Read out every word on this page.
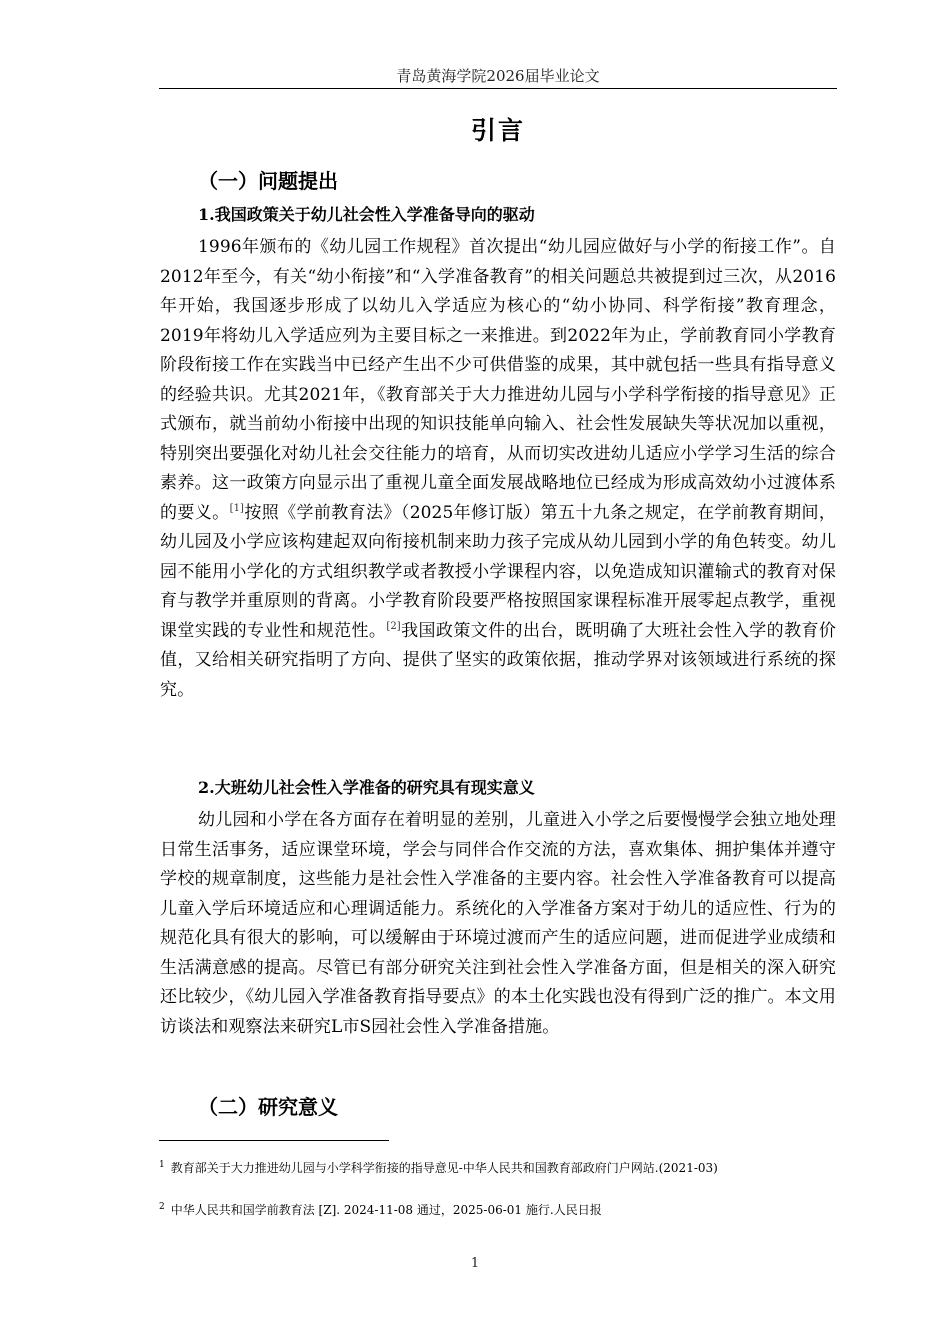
青岛黄海学院2026届毕业论文
引言
（一）问题提出
1.我国政策关于幼儿社会性入学准备导向的驱动
1996年颁布的《幼儿园工作规程》首次提出“幼儿园应做好与小学的衔接工作”。自2012年至今，有关“幼小衔接”和“入学准备教育”的相关问题总共被提到过三次，从2016年开始，我国逐步形成了以幼儿入学适应为核心的“幼小协同、科学衔接”教育理念，2019年将幼儿入学适应列为主要目标之一来推进。到2022年为止，学前教育同小学教育阶段衔接工作在实践当中已经产生出不少可供借鉴的成果，其中就包括一些具有指导意义的经验共识。尤其2021年，《教育部关于大力推进幼儿园与小学科学衔接的指导意见》正式颁布，就当前幼小衔接中出现的知识技能单向输入、社会性发展缺失等状况加以重视，特别突出要强化对幼儿社会交往能力的培育，从而切实改进幼儿适应小学学习生活的综合素养。这一政策方向显示出了重视儿童全面发展战略地位已经成为形成高效幼小过渡体系的要义。[1]按照《学前教育法》（2025年修订版）第五十九条之规定，在学前教育期间，幼儿园及小学应该构建起双向衔接机制来助力孩子完成从幼儿园到小学的角色转变。幼儿园不能用小学化的方式组织教学或者教授小学课程内容，以免造成知识灌输式的教育对保育与教学并重原则的背离。小学教育阶段要严格按照国家课程标准开展零起点教学，重视课堂实践的专业性和规范性。[2]我国政策文件的出台，既明确了大班社会性入学的教育价值，又给相关研究指明了方向、提供了坚实的政策依据，推动学界对该领域进行系统的探究。
2.大班幼儿社会性入学准备的研究具有现实意义
幼儿园和小学在各方面存在着明显的差别，儿童进入小学之后要慢慢学会独立地处理日常生活事务，适应课堂环境，学会与同伴合作交流的方法，喜欢集体、拥护集体并遵守学校的规章制度，这些能力是社会性入学准备的主要内容。社会性入学准备教育可以提高儿童入学后环境适应和心理调适能力。系统化的入学准备方案对于幼儿的适应性、行为的规范化具有很大的影响，可以缓解由于环境过渡而产生的适应问题，进而促进学业成绩和生活满意感的提高。尽管已有部分研究关注到社会性入学准备方面，但是相关的深入研究还比较少，《幼儿园入学准备教育指导要点》的本土化实践也没有得到广泛的推广。本文用访谈法和观察法来研究L市S园社会性入学准备措施。
（二）研究意义
$^1$ 教育部关于大力推进幼儿园与小学科学衔接的指导意见-中华人民共和国教育部政府门户网站.(2021-03)
$^2$ 中华人民共和国学前教育法 [Z]. 2024-11-08 通过，2025-06-01 施行.人民日报
1
